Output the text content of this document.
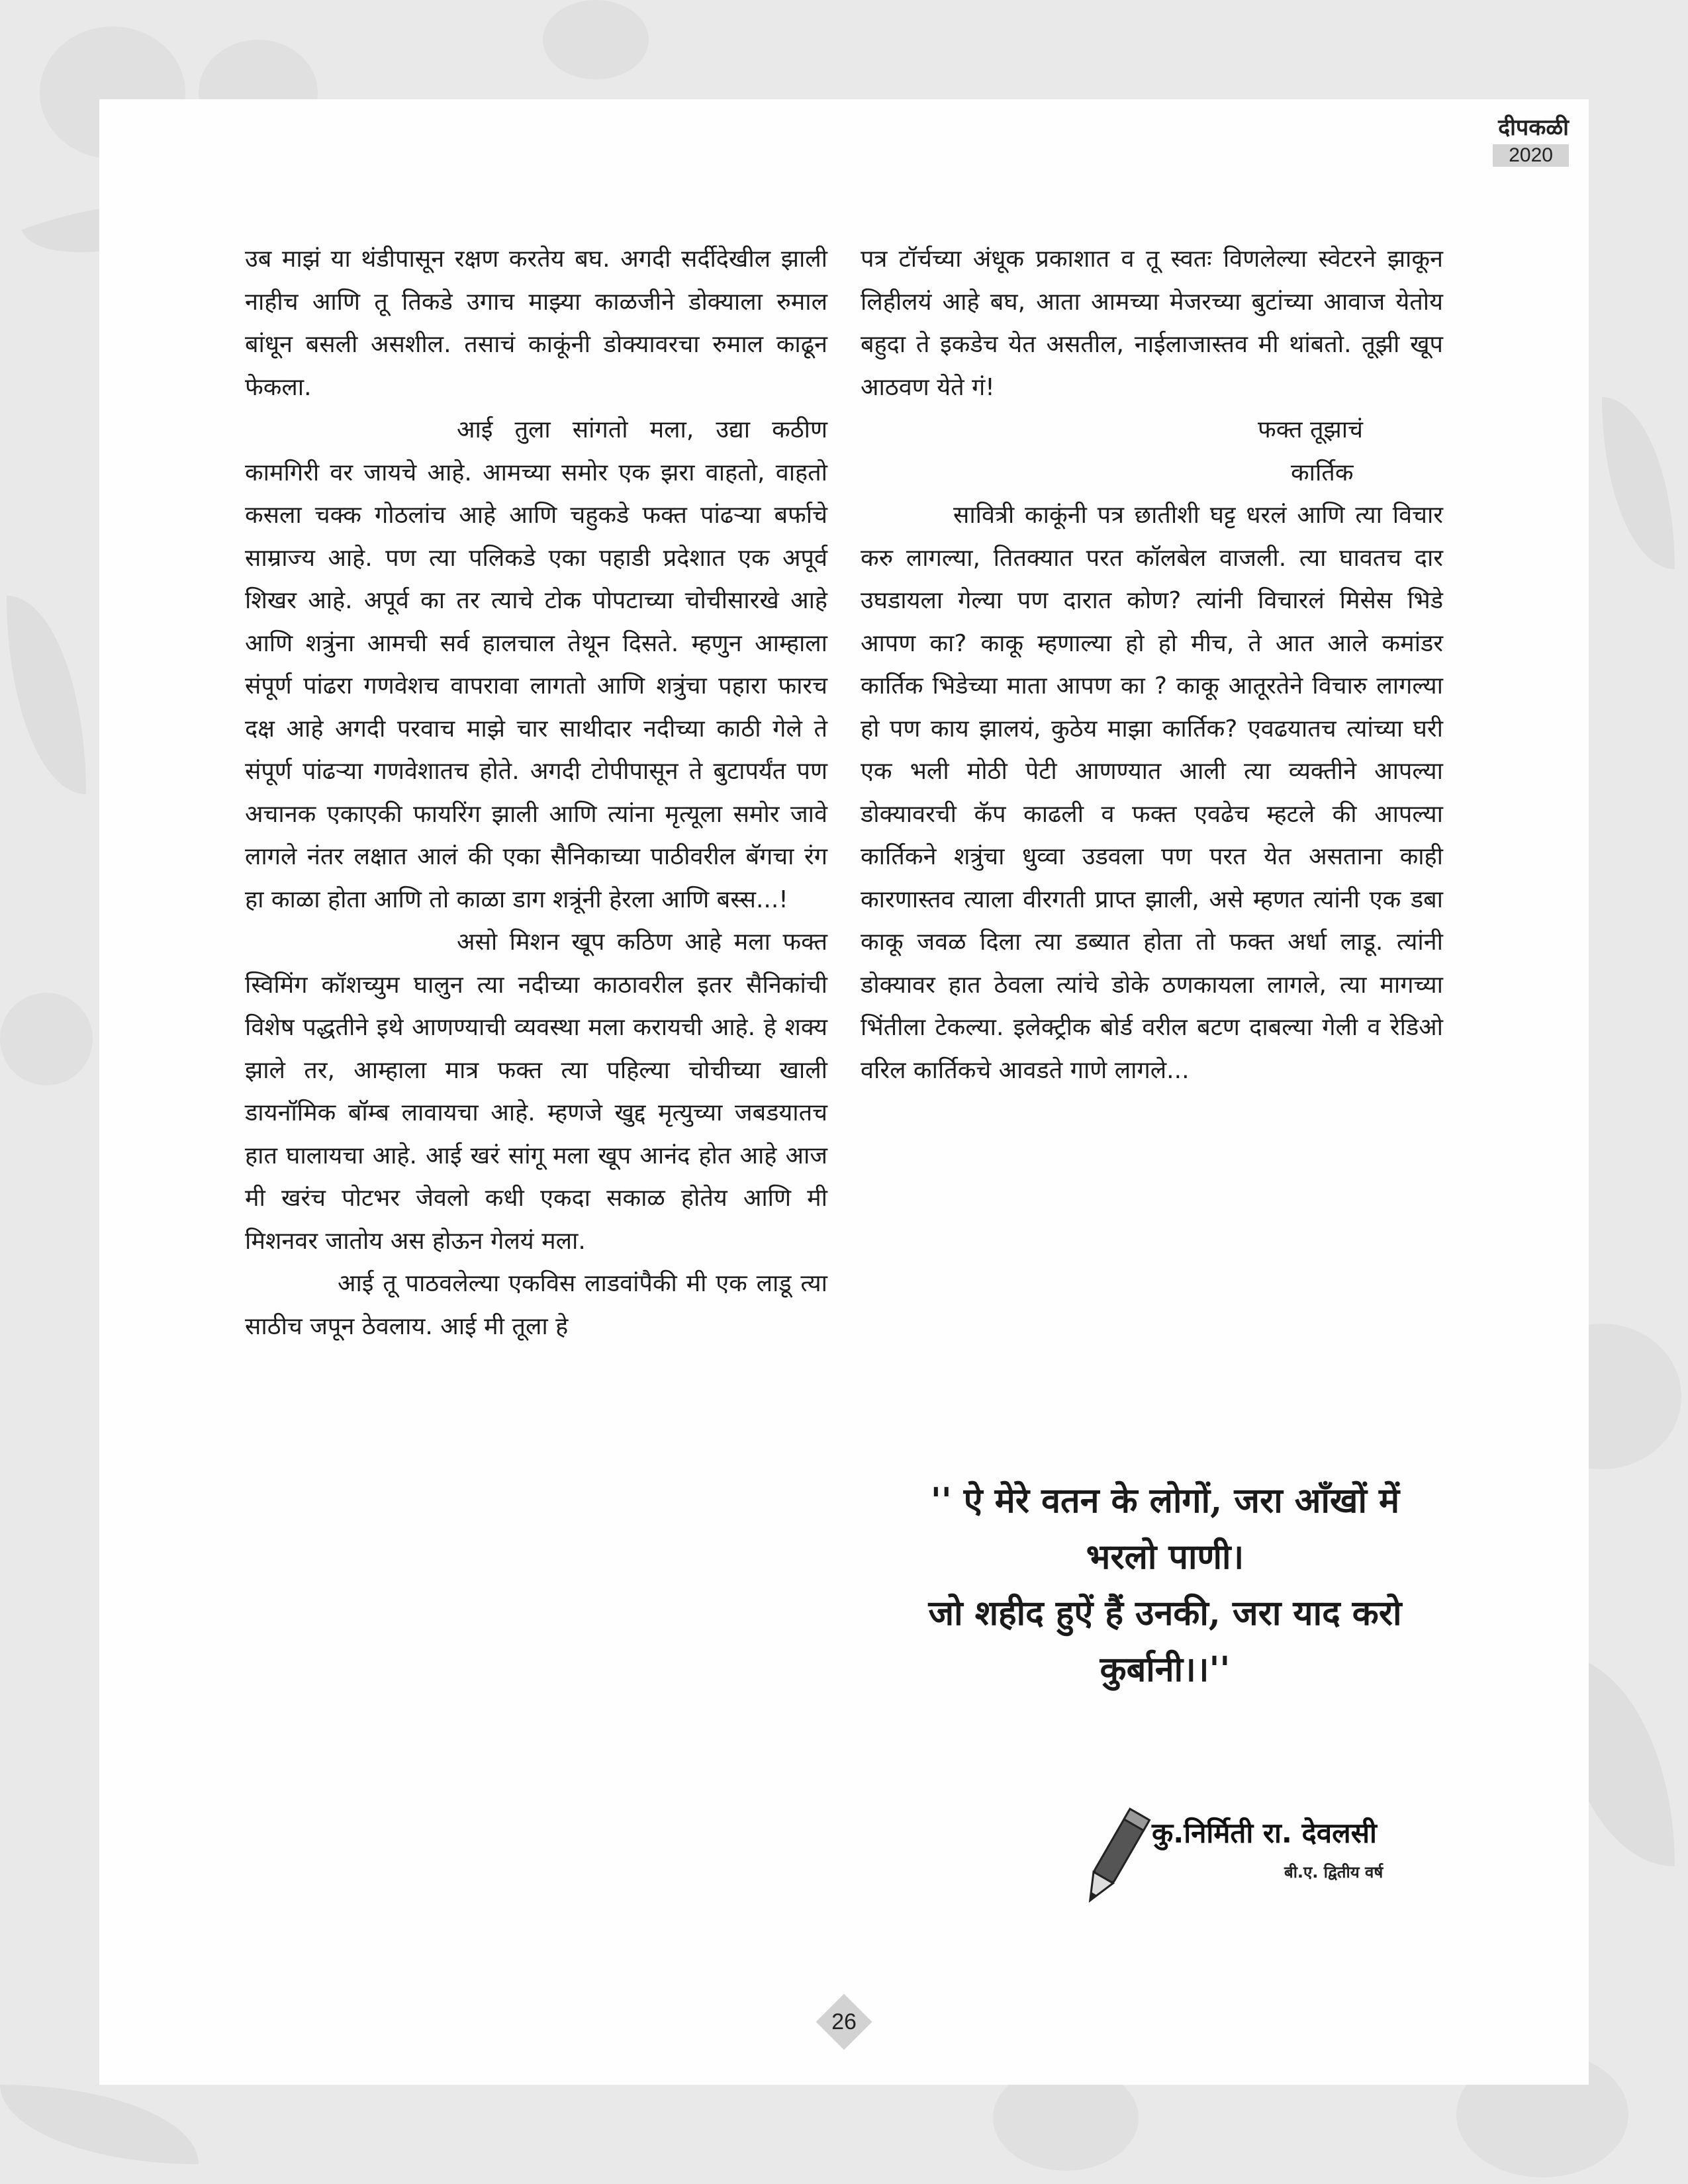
दीपकळी
2020

उब माझं या थंडीपासून रक्षण करतेय बघ. अगदी सर्दीदेखील झाली नाहीच आणि तू तिकडे उगाच माझ्या काळजीने डोक्याला रुमाल बांधून बसली असशील. तसाचं काकूंनी डोक्यावरचा रुमाल काढून फेकला.

आई तुला सांगतो मला, उद्या कठीण कामगिरी वर जायचे आहे. आमच्या समोर एक झरा वाहतो, वाहतो कसला चक्क गोठलांच आहे आणि चहुकडे फक्त पांढऱ्या बर्फाचे साम्राज्य आहे. पण त्या पलिकडे एका पहाडी प्रदेशात एक अपूर्व शिखर आहे. अपूर्व का तर त्याचे टोक पोपटाच्या चोचीसारखे आहे आणि शत्रुंना आमची सर्व हालचाल तेथून दिसते. म्हणुन आम्हाला संपूर्ण पांढरा गणवेशच वापरावा लागतो आणि शत्रुंचा पहारा फारच दक्ष आहे अगदी परवाच माझे चार साथीदार नदीच्या काठी गेले ते संपूर्ण पांढऱ्या गणवेशातच होते. अगदी टोपीपासून ते बुटापर्यंत पण अचानक एकाएकी फायरिंग झाली आणि त्यांना मृत्यूला समोर जावे लागले नंतर लक्षात आलं की एका सैनिकाच्या पाठीवरील बॅगचा रंग हा काळा होता आणि तो काळा डाग शत्रूंनी हेरला आणि बस्स...!

असो मिशन खूप कठिण आहे मला फक्त स्विमिंग कॉशच्युम घालुन त्या नदीच्या काठावरील इतर सैनिकांची विशेष पद्धतीने इथे आणण्याची व्यवस्था मला करायची आहे. हे शक्य झाले तर, आम्हाला मात्र फक्त त्या पहिल्या चोचीच्या खाली डायनॉमिक बॉम्ब लावायचा आहे. म्हणजे खुद्द मृत्युच्या जबडयातच हात घालायचा आहे. आई खरं सांगू मला खूप आनंद होत आहे आज मी खरंच पोटभर जेवलो कधी एकदा सकाळ होतेय आणि मी मिशनवर जातोय अस होऊन गेलयं मला.

आई तू पाठवलेल्या एकविस लाडवांपैकी मी एक लाडू त्या साठीच जपून ठेवलाय. आई मी तूला हे

पत्र टॉर्चच्या अंधूक प्रकाशात व तू स्वतः विणलेल्या स्वेटरने झाकून लिहीलयं आहे बघ, आता आमच्या मेजरच्या बुटांच्या आवाज येतोय बहुदा ते इकडेच येत असतील, नाईलाजास्तव मी थांबतो. तूझी खूप आठवण येते गं!

फक्त तूझाचं

कार्तिक

सावित्री काकूंनी पत्र छातीशी घट्ट धरलं आणि त्या विचार करु लागल्या, तितक्यात परत कॉलबेल वाजली. त्या घावतच दार उघडायला गेल्या पण दारात कोण? त्यांनी विचारलं मिसेस भिडे आपण का? काकू म्हणाल्या हो हो मीच, ते आत आले कमांडर कार्तिक भिडेच्या माता आपण का ? काकू आतूरतेने विचारु लागल्या हो पण काय झालयं, कुठेय माझा कार्तिक? एवढयातच त्यांच्या घरी एक भली मोठी पेटी आणण्यात आली त्या व्यक्तीने आपल्या डोक्यावरची कॅप काढली व फक्त एवढेच म्हटले की आपल्या कार्तिकने शत्रुंचा धुव्वा उडवला पण परत येत असताना काही कारणास्तव त्याला वीरगती प्राप्त झाली, असे म्हणत त्यांनी एक डबा काकू जवळ दिला त्या डब्यात होता तो फक्त अर्धा लाडू. त्यांनी डोक्यावर हात ठेवला त्यांचे डोके ठणकायला लागले, त्या मागच्या भिंतीला टेकल्या. इलेक्ट्रीक बोर्ड वरील बटण दाबल्या गेली व रेडिओ वरिल कार्तिकचे आवडते गाणे लागले...

'' ऐ मेरे वतन के लोगों, जरा आँखों में

भरलो पाणी।

जो शहीद हुऐं हैं उनकी, जरा याद करो

कुर्बानी।।''

कु.निर्मिती रा. देवलसी
बी.ए. द्वितीय वर्ष
26
